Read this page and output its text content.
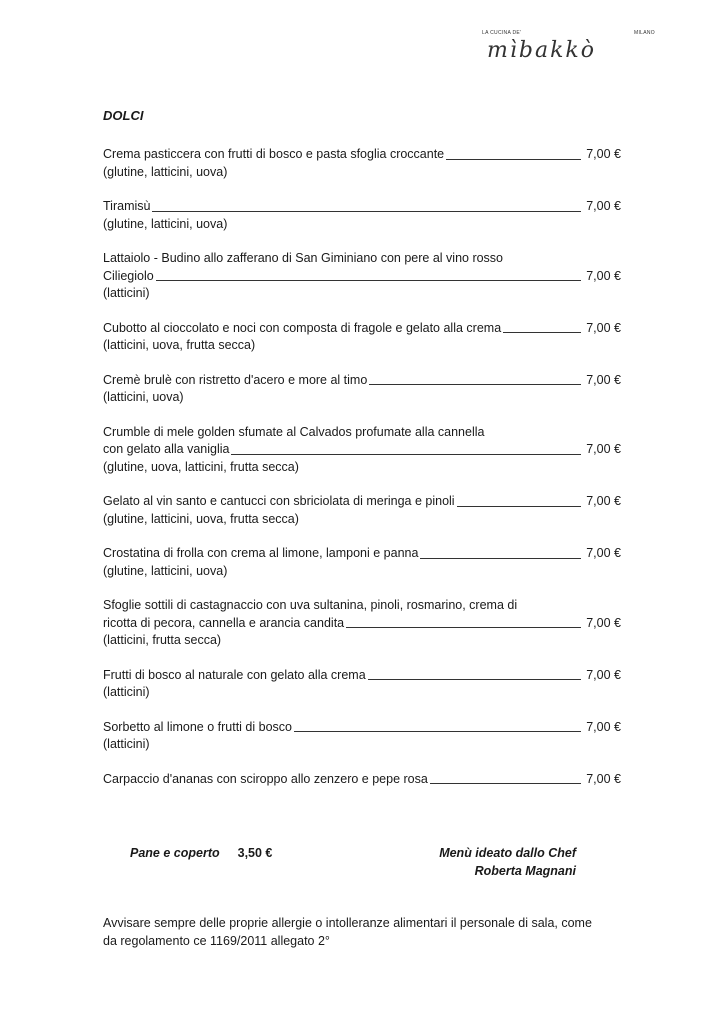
LA CUCINA DE'
mìbakkò
MILANO
DOLCI
Crema pasticcera con frutti di bosco e pasta sfoglia croccante	7,00 €
(glutine, latticini, uova)
Tiramisù	7,00 €
(glutine, latticini, uova)
Lattaiolo - Budino allo zafferano di San Giminiano con pere al vino rosso
Ciliegiolo	7,00 €
(latticini)
Cubotto al cioccolato e noci con composta di fragole e gelato alla crema	7,00 €
(latticini, uova, frutta secca)
Cremè brulè con ristretto d'acero e more al timo	7,00 €
(latticini, uova)
Crumble di mele golden sfumate al Calvados profumate alla cannella
con gelato alla vaniglia	7,00 €
(glutine, uova, latticini, frutta secca)
Gelato al vin santo e cantucci con sbriciolata di meringa e pinoli	7,00 €
(glutine, latticini, uova, frutta secca)
Crostatina di frolla con crema al limone, lamponi e panna	7,00 €
(glutine, latticini, uova)
Sfoglie sottili di castagnaccio con uva sultanina, pinoli, rosmarino, crema di
ricotta di pecora, cannella e arancia candita	7,00 €
(latticini, frutta secca)
Frutti di bosco al naturale con gelato alla crema	7,00 €
(latticini)
Sorbetto al limone o frutti di bosco	7,00 €
(latticini)
Carpaccio d'ananas con sciroppo allo zenzero e pepe rosa	7,00 €
Pane e coperto 3,50 €	Menù ideato dallo Chef
Roberta Magnani
Avvisare sempre delle proprie allergie o intolleranze alimentari il personale di sala, come da regolamento ce 1169/2011 allegato 2°
